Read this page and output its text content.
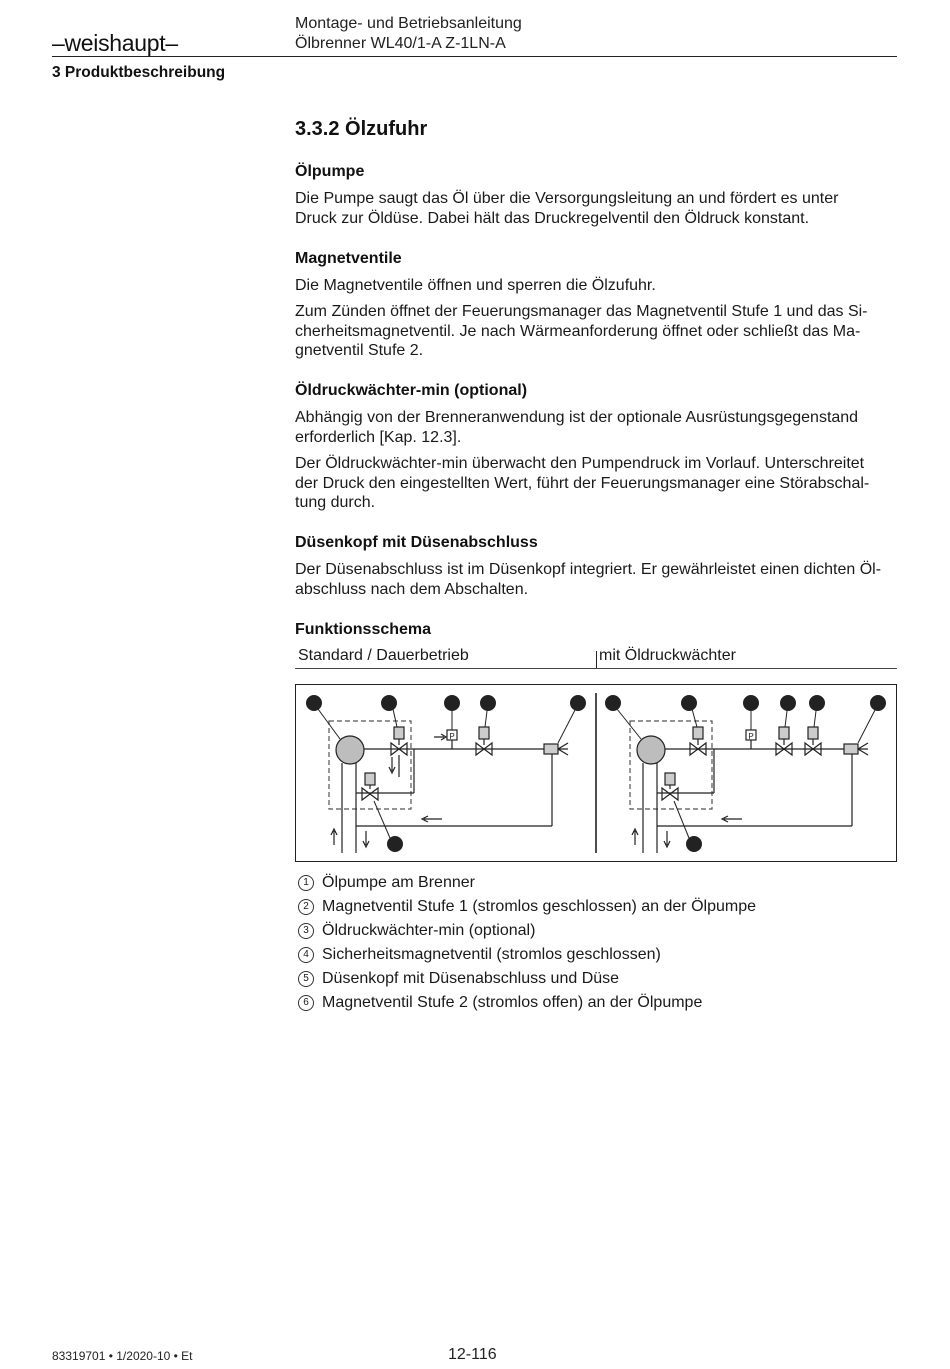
–weishaupt–
Montage- und Betriebsanleitung
Ölbrenner WL40/1-A Z-1LN-A
3 Produktbeschreibung
3.3.2 Ölzufuhr
Ölpumpe
Die Pumpe saugt das Öl über die Versorgungsleitung an und fördert es unter
Druck zur Öldüse. Dabei hält das Druckregelventil den Öldruck konstant.
Magnetventile
Die Magnetventile öffnen und sperren die Ölzufuhr.
Zum Zünden öffnet der Feuerungsmanager das Magnetventil Stufe 1 und das Si-
cherheitsmagnetventil. Je nach Wärmeanforderung öffnet oder schließt das Ma-
gnetventil Stufe 2.
Öldruckwächter-min (optional)
Abhängig von der Brenneranwendung ist der optionale Ausrüstungsgegenstand
erforderlich [Kap. 12.3].
Der Öldruckwächter-min überwacht den Pumpendruck im Vorlauf. Unterschreitet
der Druck den eingestellten Wert, führt der Feuerungsmanager eine Störabschal-
tung durch.
Düsenkopf mit Düsenabschluss
Der Düsenabschluss ist im Düsenkopf integriert. Er gewährleistet einen dichten Öl-
abschluss nach dem Abschalten.
Funktionsschema
Standard / Dauerbetrieb	mit Öldruckwächter
P
1	2	3	4	5
6
P
1	2	3	4 4	5
6
1 Ölpumpe am Brenner
2 Magnetventil Stufe 1 (stromlos geschlossen) an der Ölpumpe
3 Öldruckwächter-min (optional)
4 Sicherheitsmagnetventil (stromlos geschlossen)
5 Düsenkopf mit Düsenabschluss und Düse
6 Magnetventil Stufe 2 (stromlos offen) an der Ölpumpe
83319701 • 1/2020-10 • Et	12-116
